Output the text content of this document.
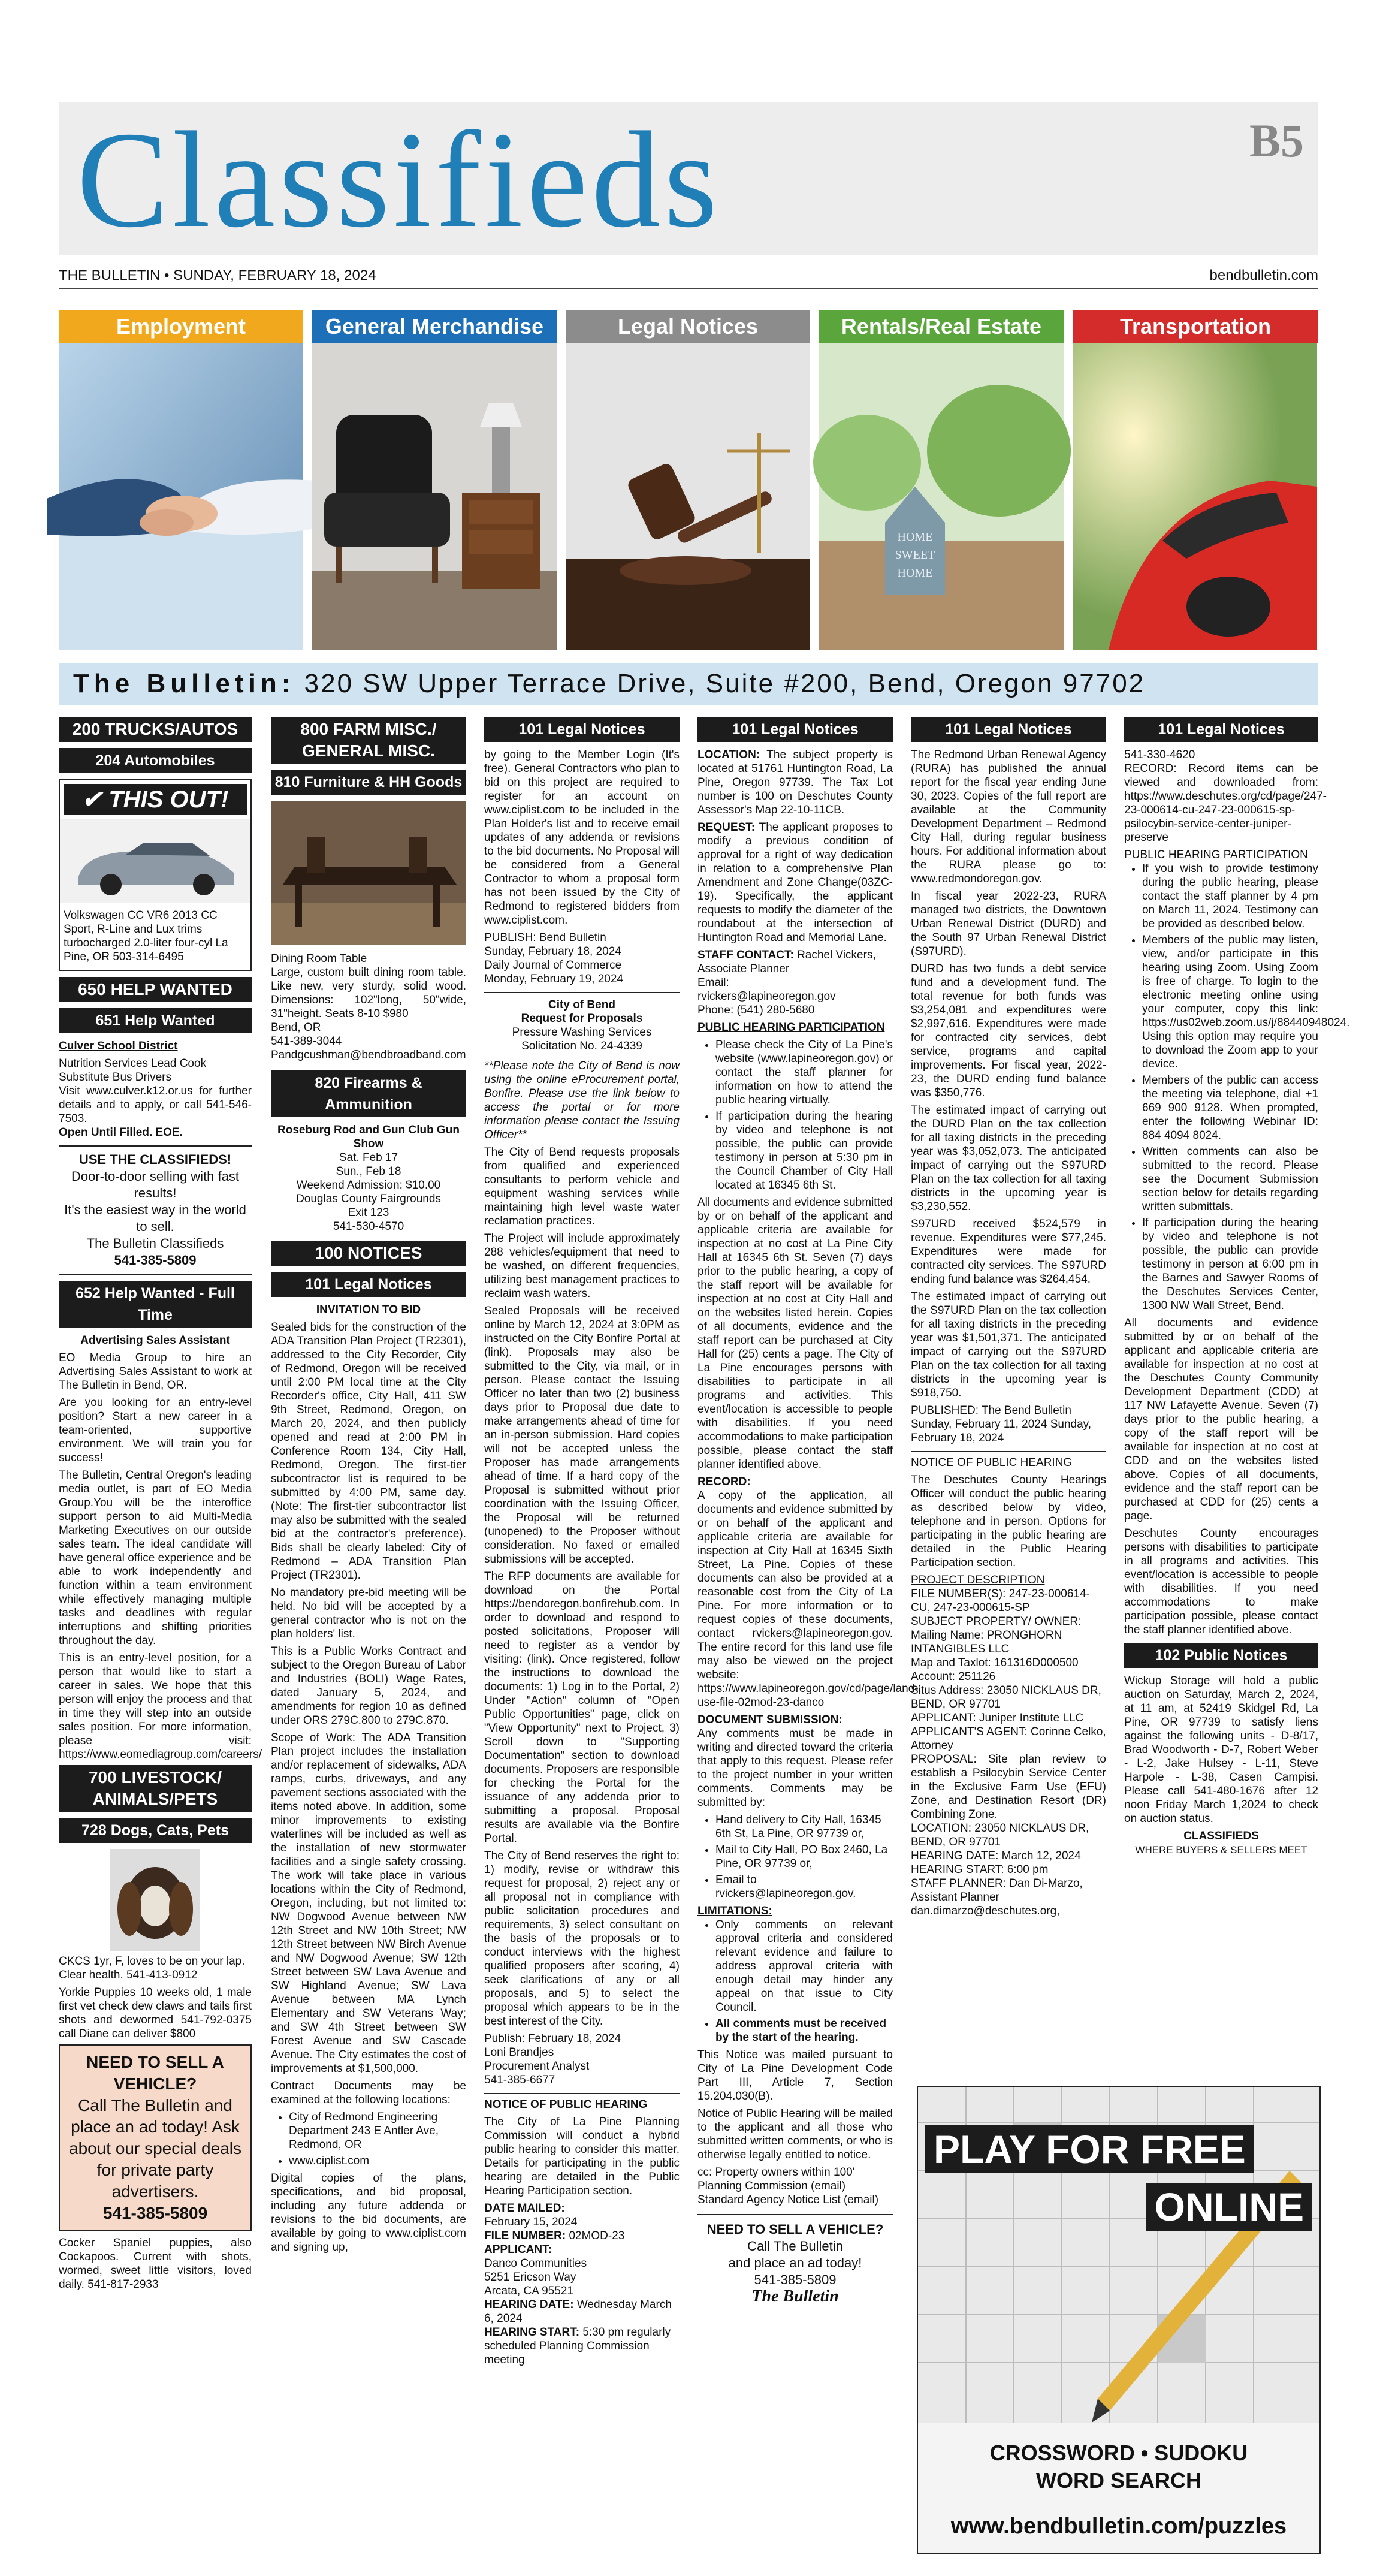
Classifieds	B5
THE BULLETIN • SUNDAY, FEBRUARY 18, 2024	bendbulletin.com
Employment	General Merchandise	Legal Notices	Rentals/Real Estate
HOME
SWEET
HOME
Transportation
The Bulletin: 320 SW Upper Terrace Drive, Suite #200, Bend, Oregon 97702
200 TRUCKS/AUTOS
204 Automobiles
✔ THIS OUT!

Volkswagen CC VR6 2013 CC Sport, R-Line and Lux trims turbocharged 2.0-liter four-cyl La Pine, OR 503-314-6495

650 HELP WANTED
651 Help Wanted

Culver School District

Nutrition Services Lead Cook

Substitute Bus Drivers

Visit www.culver.k12.or.us for further details and to apply, or call 541-546-7503.

Open Until Filled. EOE.

USE THE CLASSIFIEDS!
Door-to-door selling with fast results!
It's the easiest way in the world to sell.
The Bulletin Classifieds
541-385-5809
652 Help Wanted - Full Time

Advertising Sales Assistant

EO Media Group to hire an Advertising Sales Assistant to work at The Bulletin in Bend, OR.

Are you looking for an entry-level position? Start a new career in a team-oriented, supportive environment. We will train you for success!

The Bulletin, Central Oregon's leading media outlet, is part of EO Media Group.You will be the interoffice support person to aid Multi-Media Marketing Executives on our outside sales team. The ideal candidate will have general office experience and be able to work independently and function within a team environment while effectively managing multiple tasks and deadlines with regular interruptions and shifting priorities throughout the day.

This is an entry-level position, for a person that would like to start a career in sales. We hope that this person will enjoy the process and that in time they will step into an outside sales position. For more information, please visit: https://www.eomediagroup.com/careers/

700 LIVESTOCK/ ANIMALS/PETS
728 Dogs, Cats, Pets

CKCS 1yr, F, loves to be on your lap. Clear health. 541-413-0912

Yorkie Puppies 10 weeks old, 1 male first vet check dew claws and tails first shots and dewormed 541-792-0375 call Diane can deliver $800

NEED TO SELL A VEHICLE?
Call The Bulletin and place an ad today! Ask about our special deals for private party advertisers.
541-385-5809

Cocker Spaniel puppies, also Cockapoos. Current with shots, wormed, sweet little visitors, loved daily. 541-817-2933

800 FARM MISC./ GENERAL MISC.
810 Furniture & HH Goods

Dining Room Table

Large, custom built dining room table. Like new, very sturdy, solid wood. Dimensions: 102"long, 50"wide, 31"height. Seats 8-10 $980

Bend, OR

541-389-3044

Pandgcushman@bendbroadband.com

820 Firearms & Ammunition
Roseburg Rod and Gun Club Gun Show
Sat. Feb 17
Sun., Feb 18
Weekend Admission: $10.00
Douglas County Fairgrounds
Exit 123
541-530-4570
100 NOTICES
101 Legal Notices

INVITATION TO BID

Sealed bids for the construction of the ADA Transition Plan Project (TR2301), addressed to the City Recorder, City of Redmond, Oregon will be received until 2:00 PM local time at the City Recorder's office, City Hall, 411 SW 9th Street, Redmond, Oregon, on March 20, 2024, and then publicly opened and read at 2:00 PM in Conference Room 134, City Hall, Redmond, Oregon. The first-tier subcontractor list is required to be submitted by 4:00 PM, same day. (Note: The first-tier subcontractor list may also be submitted with the sealed bid at the contractor's preference). Bids shall be clearly labeled: City of Redmond – ADA Transition Plan Project (TR2301).

No mandatory pre-bid meeting will be held. No bid will be accepted by a general contractor who is not on the plan holders' list.

This is a Public Works Contract and subject to the Oregon Bureau of Labor and Industries (BOLI) Wage Rates, dated January 5, 2024, and amendments for region 10 as defined under ORS 279C.800 to 279C.870.

Scope of Work: The ADA Transition Plan project includes the installation and/or replacement of sidewalks, ADA ramps, curbs, driveways, and any pavement sections associated with the items noted above. In addition, some minor improvements to existing waterlines will be included as well as the installation of new stormwater facilities and a single safety crossing. The work will take place in various locations within the City of Redmond, Oregon, including, but not limited to: NW Dogwood Avenue between NW 12th Street and NW 10th Street; NW 12th Street between NW Birch Avenue and NW Dogwood Avenue; SW 12th Street between SW Lava Avenue and SW Highland Avenue; SW Lava Avenue between MA Lynch Elementary and SW Veterans Way; and SW 4th Street between SW Forest Avenue and SW Cascade Avenue. The City estimates the cost of improvements at $1,500,000.

Contract Documents may be examined at the following locations:

• City of Redmond Engineering Department 243 E Antler Ave, Redmond, OR
• www.ciplist.com

Digital copies of the plans, specifications, and bid proposal, including any future addenda or revisions to the bid documents, are available by going to www.ciplist.com and signing up,

101 Legal Notices

by going to the Member Login (It's free). General Contractors who plan to bid on this project are required to register for an account on www.ciplist.com to be included in the Plan Holder's list and to receive email updates of any addenda or revisions to the bid documents. No Proposal will be considered from a General Contractor to whom a proposal form has not been issued by the City of Redmond to registered bidders from www.ciplist.com.

PUBLISH: Bend Bulletin

Sunday, February 18, 2024

Daily Journal of Commerce

Monday, February 19, 2024

City of Bend
Request for Proposals
Pressure Washing Services
Solicitation No. 24-4339

**Please note the City of Bend is now using the online eProcurement portal, Bonfire. Please use the link below to access the portal or for more information please contact the Issuing Officer**

The City of Bend requests proposals from qualified and experienced consultants to perform vehicle and equipment washing services while maintaining high level waste water reclamation practices.

The Project will include approximately 288 vehicles/equipment that need to be washed, on different frequencies, utilizing best management practices to reclaim wash waters.

Sealed Proposals will be received online by March 12, 2024 at 3:0PM as instructed on the City Bonfire Portal at (link). Proposals may also be submitted to the City, via mail, or in person. Please contact the Issuing Officer no later than two (2) business days prior to Proposal due date to make arrangements ahead of time for an in-person submission. Hard copies will not be accepted unless the Proposer has made arrangements ahead of time. If a hard copy of the Proposal is submitted without prior coordination with the Issuing Officer, the Proposal will be returned (unopened) to the Proposer without consideration. No faxed or emailed submissions will be accepted.

The RFP documents are available for download on the Portal https://bendoregon.bonfirehub.com. In order to download and respond to posted solicitations, Proposer will need to register as a vendor by visiting: (link). Once registered, follow the instructions to download the documents: 1) Log in to the Portal, 2) Under "Action" column of "Open Public Opportunities" page, click on "View Opportunity" next to Project, 3) Scroll down to "Supporting Documentation" section to download documents. Proposers are responsible for checking the Portal for the issuance of any addenda prior to submitting a proposal. Proposal results are available via the Bonfire Portal.

The City of Bend reserves the right to: 1) modify, revise or withdraw this request for proposal, 2) reject any or all proposal not in compliance with public solicitation procedures and requirements, 3) select consultant on the basis of the proposals or to conduct interviews with the highest qualified proposers after scoring, 4) seek clarifications of any or all proposals, and 5) to select the proposal which appears to be in the best interest of the City.

Publish: February 18, 2024

Loni Brandjes

Procurement Analyst

541-385-6677

NOTICE OF PUBLIC HEARING

The City of La Pine Planning Commission will conduct a hybrid public hearing to consider this matter. Details for participating in the public hearing are detailed in the Public Hearing Participation section.

DATE MAILED:

February 15, 2024

FILE NUMBER: 02MOD-23

APPLICANT:

Danco Communities

5251 Ericson Way

Arcata, CA 95521

HEARING DATE: Wednesday March 6, 2024

HEARING START: 5:30 pm regularly scheduled Planning Commission meeting

101 Legal Notices

LOCATION: The subject property is located at 51761 Huntington Road, La Pine, Oregon 97739. The Tax Lot number is 100 on Deschutes County Assessor's Map 22-10-11CB.

REQUEST: The applicant proposes to modify a previous condition of approval for a right of way dedication in relation to a comprehensive Plan Amendment and Zone Change(03ZC-19). Specifically, the applicant requests to modify the diameter of the roundabout at the intersection of Huntington Road and Memorial Lane.

STAFF CONTACT: Rachel Vickers, Associate Planner

Email:

rvickers@lapineoregon.gov

Phone: (541) 280-5680

PUBLIC HEARING PARTICIPATION

• Please check the City of La Pine's website (www.lapineoregon.gov) or contact the staff planner for information on how to attend the public hearing virtually.
• If participation during the hearing by video and telephone is not possible, the public can provide testimony in person at 5:30 pm in the Council Chamber of City Hall located at 16345 6th St.

All documents and evidence submitted by or on behalf of the applicant and applicable criteria are available for inspection at no cost at La Pine City Hall at 16345 6th St. Seven (7) days prior to the public hearing, a copy of the staff report will be available for inspection at no cost at City Hall and on the websites listed herein. Copies of all documents, evidence and the staff report can be purchased at City Hall for (25) cents a page. The City of La Pine encourages persons with disabilities to participate in all programs and activities. This event/location is accessible to people with disabilities. If you need accommodations to make participation possible, please contact the staff planner identified above.

RECORD:

A copy of the application, all documents and evidence submitted by or on behalf of the applicant and applicable criteria are available for inspection at City Hall at 16345 Sixth Street, La Pine. Copies of these documents can also be provided at a reasonable cost from the City of La Pine. For more information or to request copies of these documents, contact rvickers@lapineoregon.gov. The entire record for this land use file may also be viewed on the project website: https://www.lapineoregon.gov/cd/page/land-use-file-02mod-23-danco

DOCUMENT SUBMISSION:

Any comments must be made in writing and directed toward the criteria that apply to this request. Please refer to the project number in your written comments. Comments may be submitted by:

• Hand delivery to City Hall, 16345 6th St, La Pine, OR 97739 or,
• Mail to City Hall, PO Box 2460, La Pine, OR 97739 or,
• Email to rvickers@lapineoregon.gov.

LIMITATIONS:

• Only comments on relevant approval criteria and considered relevant evidence and failure to address approval criteria with enough detail may hinder any appeal on that issue to City Council.
• All comments must be received by the start of the hearing.

This Notice was mailed pursuant to City of La Pine Development Code Part III, Article 7, Section 15.204.030(B).

Notice of Public Hearing will be mailed to the applicant and all those who submitted written comments, or who is otherwise legally entitled to notice.

cc: Property owners within 100' Planning Commission (email) Standard Agency Notice List (email)

NEED TO SELL A VEHICLE?
Call The Bulletin
and place an ad today!
541-385-5809
The Bulletin
101 Legal Notices

The Redmond Urban Renewal Agency (RURA) has published the annual report for the fiscal year ending June 30, 2023. Copies of the full report are available at the Community Development Department – Redmond City Hall, during regular business hours. For additional information about the RURA please go to: www.redmondoregon.gov.

In fiscal year 2022-23, RURA managed two districts, the Downtown Urban Renewal District (DURD) and the South 97 Urban Renewal District (S97URD).

DURD has two funds a debt service fund and a development fund. The total revenue for both funds was $3,254,081 and expenditures were $2,997,616. Expenditures were made for contracted city services, debt service, programs and capital improvements. For fiscal year, 2022-23, the DURD ending fund balance was $350,776.

The estimated impact of carrying out the DURD Plan on the tax collection for all taxing districts in the preceding year was $3,052,073. The anticipated impact of carrying out the S97URD Plan on the tax collection for all taxing districts in the upcoming year is $3,230,552.

S97URD received $524,579 in revenue. Expenditures were $77,245. Expenditures were made for contracted city services. The S97URD ending fund balance was $264,454.

The estimated impact of carrying out the S97URD Plan on the tax collection for all taxing districts in the preceding year was $1,501,371. The anticipated impact of carrying out the S97URD Plan on the tax collection for all taxing districts in the upcoming year is $918,750.

PUBLISHED: The Bend Bulletin Sunday, February 11, 2024 Sunday, February 18, 2024

NOTICE OF PUBLIC HEARING

The Deschutes County Hearings Officer will conduct the public hearing as described below by video, telephone and in person. Options for participating in the public hearing are detailed in the Public Hearing Participation section.

PROJECT DESCRIPTION

FILE NUMBER(S): 247-23-000614-CU, 247-23-000615-SP

SUBJECT PROPERTY/ OWNER: Mailing Name: PRONGHORN INTANGIBLES LLC

Map and Taxlot: 161316D000500

Account: 251126

Situs Address: 23050 NICKLAUS DR, BEND, OR 97701

APPLICANT: Juniper Institute LLC

APPLICANT'S AGENT: Corinne Celko, Attorney

PROPOSAL: Site plan review to establish a Psilocybin Service Center in the Exclusive Farm Use (EFU) Zone, and Destination Resort (DR) Combining Zone.

LOCATION: 23050 NICKLAUS DR, BEND, OR 97701

HEARING DATE: March 12, 2024

HEARING START: 6:00 pm

STAFF PLANNER: Dan Di-Marzo, Assistant Planner

dan.dimarzo@deschutes.org,

101 Legal Notices

541-330-4620

RECORD: Record items can be viewed and downloaded from: https://www.deschutes.org/cd/page/247-23-000614-cu-247-23-000615-sp-psilocybin-service-center-juniper-preserve

PUBLIC HEARING PARTICIPATION

• If you wish to provide testimony during the public hearing, please contact the staff planner by 4 pm on March 11, 2024. Testimony can be provided as described below.
• Members of the public may listen, view, and/or participate in this hearing using Zoom. Using Zoom is free of charge. To login to the electronic meeting online using your computer, copy this link: https://us02web.zoom.us/j/88440948024. Using this option may require you to download the Zoom app to your device.
• Members of the public can access the meeting via telephone, dial +1 669 900 9128. When prompted, enter the following Webinar ID: 884 4094 8024.
• Written comments can also be submitted to the record. Please see the Document Submission section below for details regarding written submittals.
• If participation during the hearing by video and telephone is not possible, the public can provide testimony in person at 6:00 pm in the Barnes and Sawyer Rooms of the Deschutes Services Center, 1300 NW Wall Street, Bend.

All documents and evidence submitted by or on behalf of the applicant and applicable criteria are available for inspection at no cost at the Deschutes County Community Development Department (CDD) at 117 NW Lafayette Avenue. Seven (7) days prior to the public hearing, a copy of the staff report will be available for inspection at no cost at CDD and on the websites listed above. Copies of all documents, evidence and the staff report can be purchased at CDD for (25) cents a page.

Deschutes County encourages persons with disabilities to participate in all programs and activities. This event/location is accessible to people with disabilities. If you need accommodations to make participation possible, please contact the staff planner identified above.

102 Public Notices

Wickup Storage will hold a public auction on Saturday, March 2, 2024, at 11 am, at 52419 Skidgel Rd, La Pine, OR 97739 to satisfy liens against the following units - D-8/17, Brad Woodworth - D-7, Robert Weber - L-2, Jake Hulsey - L-11, Steve Harpole - L-38, Casen Campisi. Please call 541-480-1676 after 12 noon Friday March 1,2024 to check on auction status.

CLASSIFIEDS
WHERE BUYERS & SELLERS MEET
PLAY FOR FREE
ONLINE
CROSSWORD • SUDOKU
WORD SEARCH
www.bendbulletin.com/puzzles
